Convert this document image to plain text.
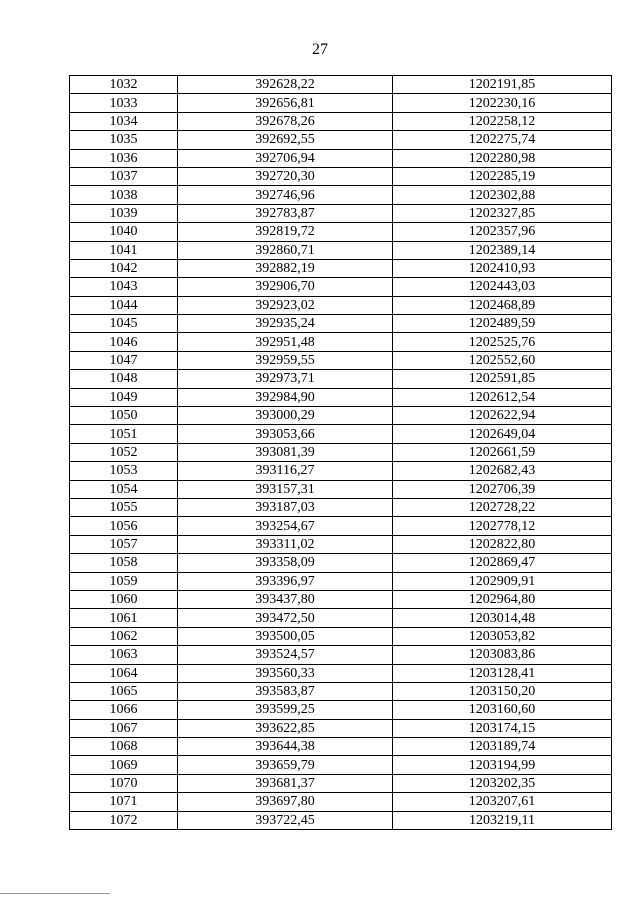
27
1032	392628,22	1202191,85
1033	392656,81	1202230,16
1034	392678,26	1202258,12
1035	392692,55	1202275,74
1036	392706,94	1202280,98
1037	392720,30	1202285,19
1038	392746,96	1202302,88
1039	392783,87	1202327,85
1040	392819,72	1202357,96
1041	392860,71	1202389,14
1042	392882,19	1202410,93
1043	392906,70	1202443,03
1044	392923,02	1202468,89
1045	392935,24	1202489,59
1046	392951,48	1202525,76
1047	392959,55	1202552,60
1048	392973,71	1202591,85
1049	392984,90	1202612,54
1050	393000,29	1202622,94
1051	393053,66	1202649,04
1052	393081,39	1202661,59
1053	393116,27	1202682,43
1054	393157,31	1202706,39
1055	393187,03	1202728,22
1056	393254,67	1202778,12
1057	393311,02	1202822,80
1058	393358,09	1202869,47
1059	393396,97	1202909,91
1060	393437,80	1202964,80
1061	393472,50	1203014,48
1062	393500,05	1203053,82
1063	393524,57	1203083,86
1064	393560,33	1203128,41
1065	393583,87	1203150,20
1066	393599,25	1203160,60
1067	393622,85	1203174,15
1068	393644,38	1203189,74
1069	393659,79	1203194,99
1070	393681,37	1203202,35
1071	393697,80	1203207,61
1072	393722,45	1203219,11
